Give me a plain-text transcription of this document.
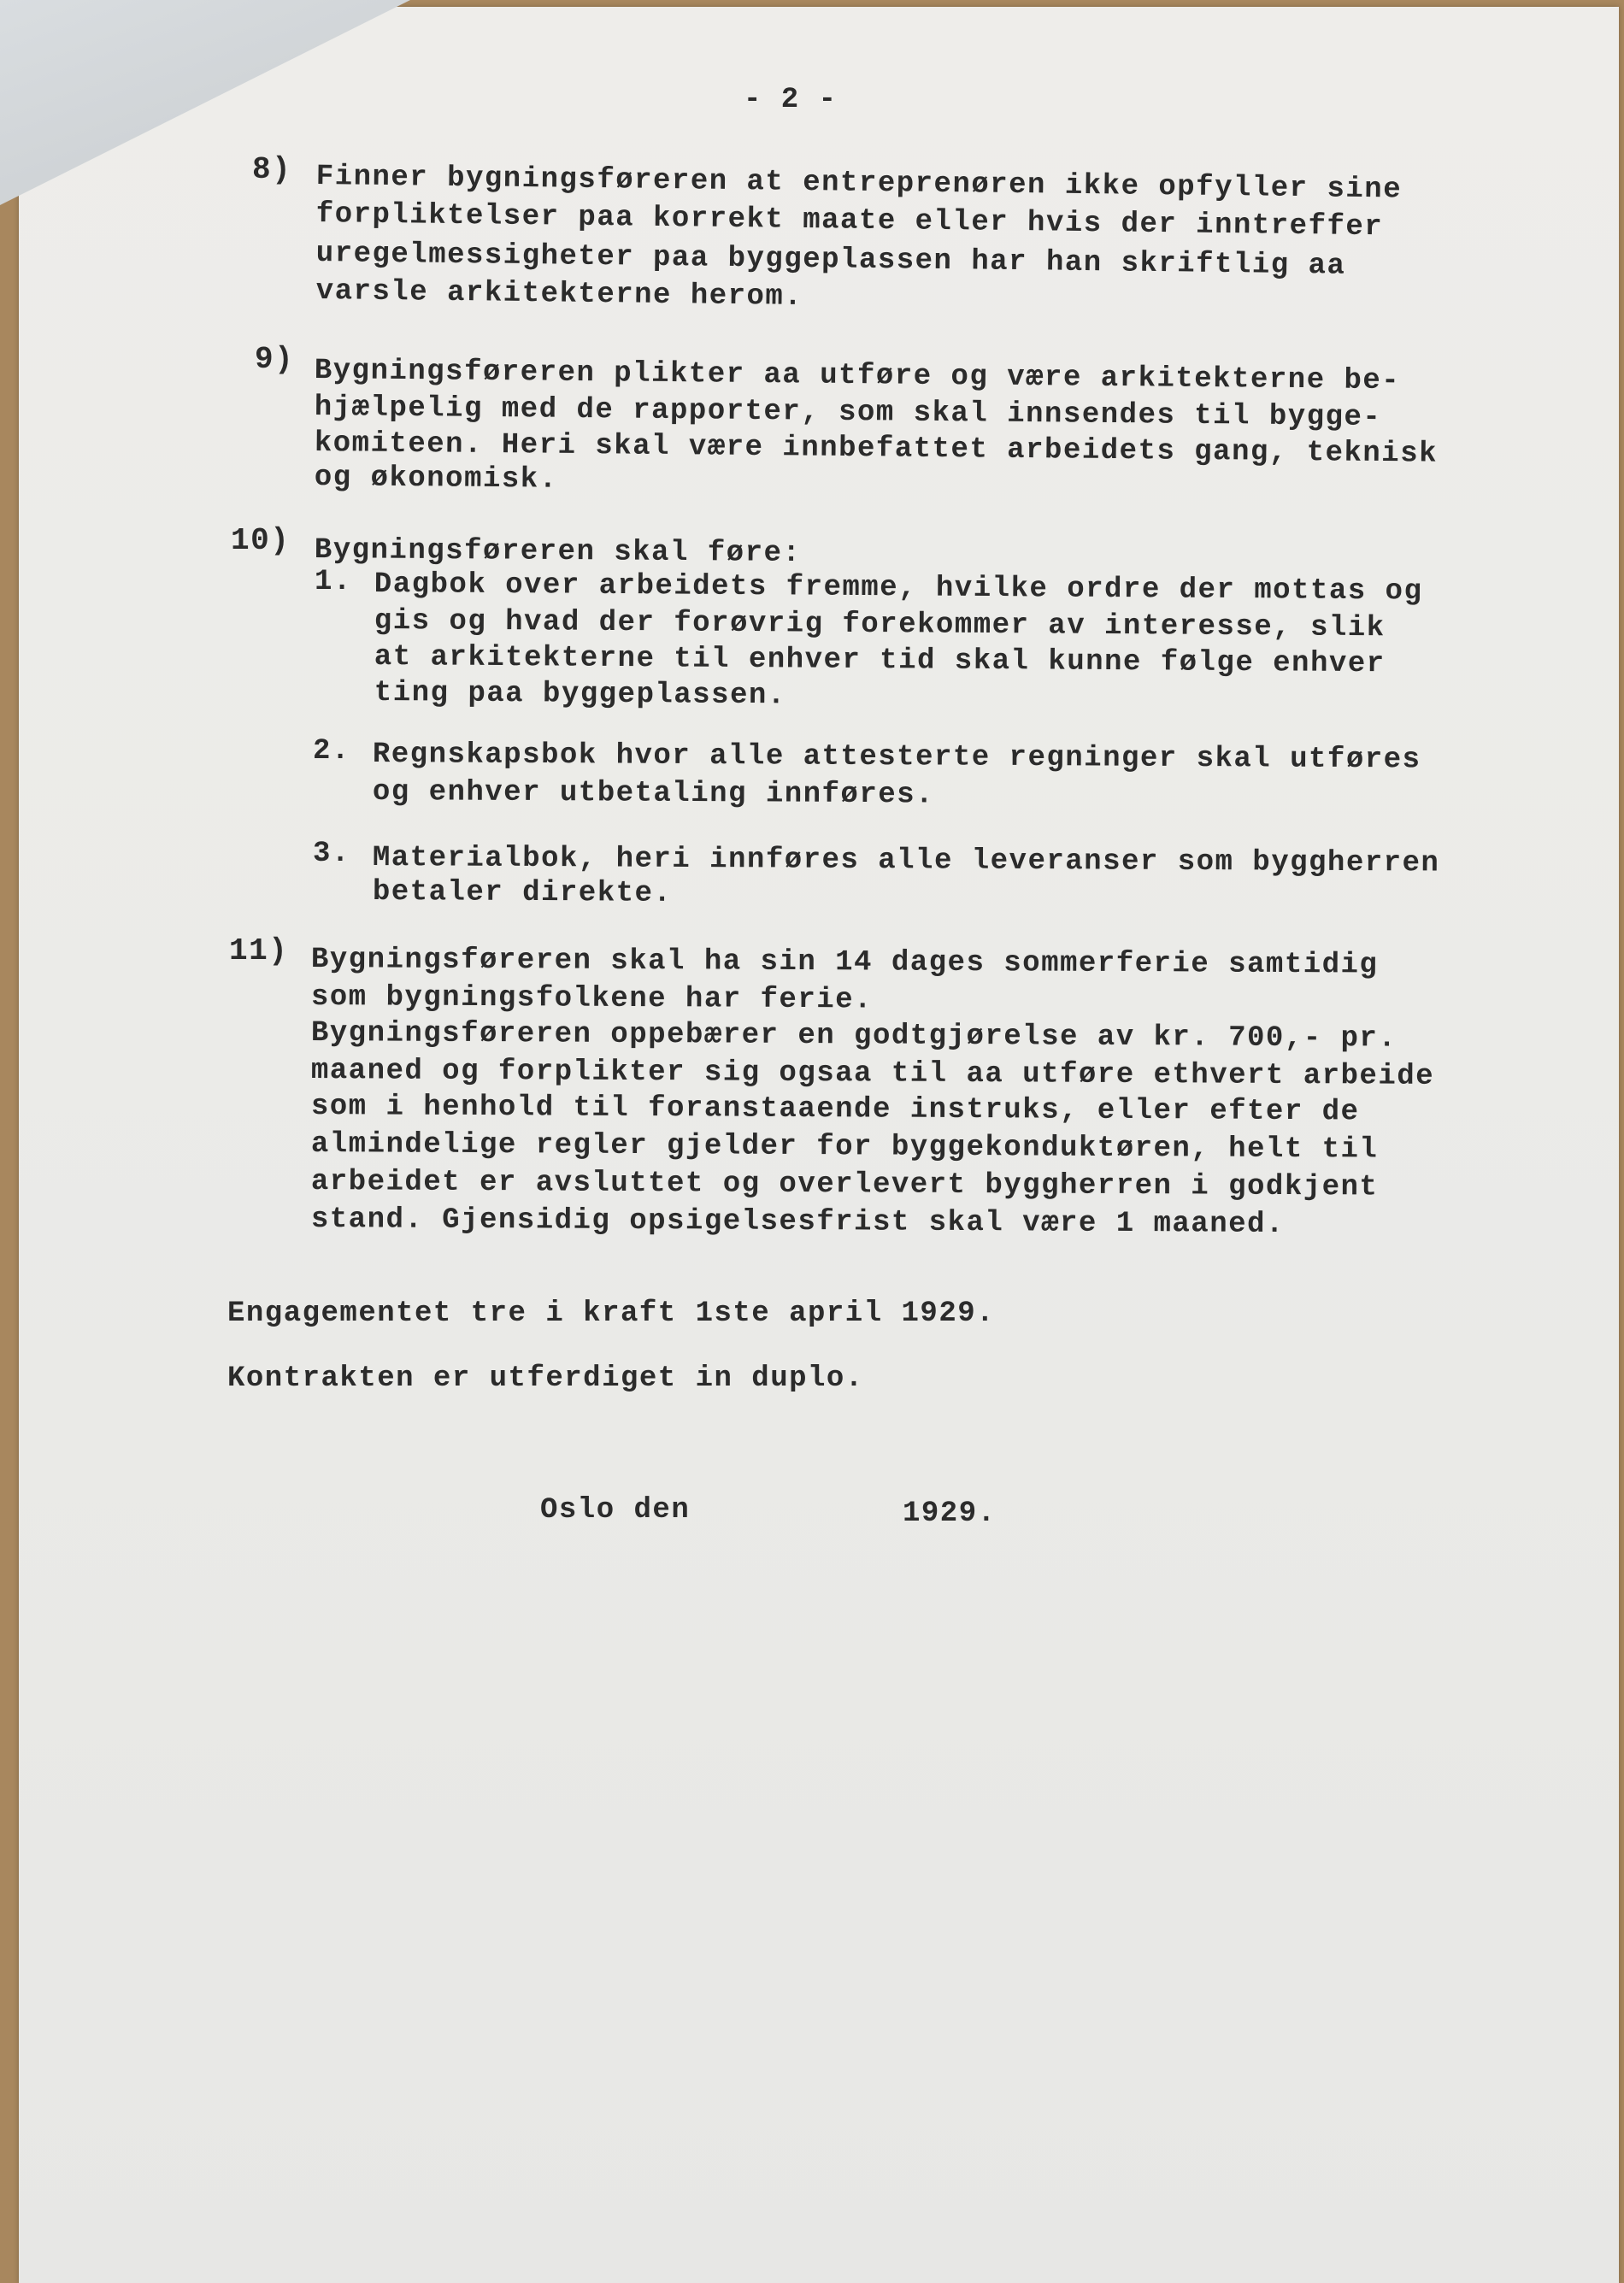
- 2 -
8) Finner bygningsføreren at entreprenøren ikke opfyller sine
forpliktelser paa korrekt maate eller hvis der inntreffer
uregelmessigheter paa byggeplassen har han skriftlig aa
varsle arkitekterne herom.
9) Bygningsføreren plikter aa utføre og være arkitekterne be-
hjælpelig med de rapporter, som skal innsendes til bygge-
komiteen. Heri skal være innbefattet arbeidets gang, teknisk
og økonomisk.
10) Bygningsføreren skal føre:
1. Dagbok over arbeidets fremme, hvilke ordre der mottas og
gis og hvad der forøvrig forekommer av interesse, slik
at arkitekterne til enhver tid skal kunne følge enhver
ting paa byggeplassen.
2. Regnskapsbok hvor alle attesterte regninger skal utføres
og enhver utbetaling innføres.
3. Materialbok, heri innføres alle leveranser som byggherren
betaler direkte.
11) Bygningsføreren skal ha sin 14 dages sommerferie samtidig
som bygningsfolkene har ferie.
Bygningsføreren oppebærer en godtgjørelse av kr. 700,- pr.
maaned og forplikter sig ogsaa til aa utføre ethvert arbeide
som i henhold til foranstaaende instruks, eller efter de
almindelige regler gjelder for byggekonduktøren, helt til
arbeidet er avsluttet og overlevert byggherren i godkjent
stand. Gjensidig opsigelsesfrist skal være 1 maaned.
Engagementet tre i kraft 1ste april 1929.
Kontrakten er utferdiget in duplo.
Oslo den	1929.
